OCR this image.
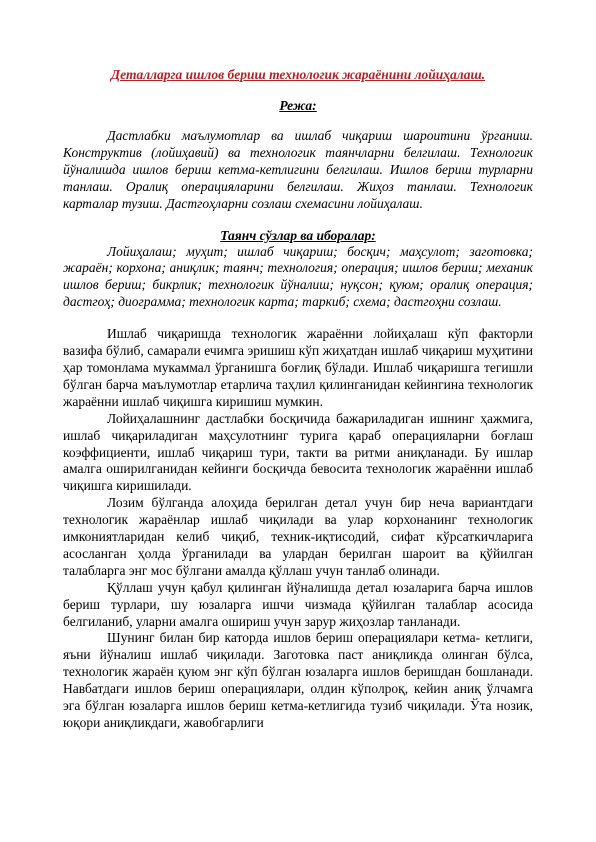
Деталларга ишлов бериш технологик жараёнини лойиҳалаш.

Режа:

Дастлабки маълумотлар ва ишлаб чиқариш шароитини ўрганиш. Конструктив (лойиҳавий) ва технологик таянчларни белгилаш. Технологик йўналишда ишлов бериш кетма-кетлигини белгилаш. Ишлов бериш турларни танлаш. Оралиқ операцияларини белгилаш. Жиҳоз танлаш. Технологик карталар тузиш. Дастгоҳларни созлаш схемасини лойиҳалаш.

Таянч сўзлар ва иборалар:

Лойиҳалаш; муҳит; ишлаб чиқариш; босқич; маҳсулот; заготовка; жараён; корхона; аниқлик; таянч; технология; операция; ишлов бериш; механик ишлов бериш; бикрлик; технологик йўналиш; нуқсон; қуюм; оралиқ операция; дастгоҳ; диограмма; технологик карта; таркиб; схема; дастгоҳни созлаш.

Ишлаб чиқаришда технологик жараённи лойиҳалаш кўп факторли вазифа бўлиб, самарали ечимга эришиш кўп жиҳатдан ишлаб чиқариш муҳитини ҳар томонлама мукаммал ўрганишга боғлиқ бўлади. Ишлаб чиқаришга тегишли бўлган барча маълумотлар етарлича таҳлил қилинганидан кейингина технологик жараённи ишлаб чиқишга киришиш мумкин.

Лойиҳалашнинг дастлабки босқичида бажариладиган ишнинг ҳажмига, ишлаб чиқариладиган маҳсулотнинг турига қараб операцияларни боғлаш коэффициенти, ишлаб чиқариш тури, такти ва ритми аниқланади. Бу ишлар амалга оширилганидан кейинги босқичда бевосита технологик жараённи ишлаб чиқишга киришилади.

Лозим бўлганда алоҳида берилган детал учун бир неча вариантдаги технологик жараёнлар ишлаб чиқилади ва улар корхонанинг технологик имкониятларидан келиб чиқиб, техник-иқтисодий, сифат кўрсаткичларига асосланган ҳолда ўрганилади ва улардан берилган шароит ва қўйилган талабларга энг мос бўлгани амалда қўллаш учун танлаб олинади.

Қўллаш учун қабул қилинган йўналишда детал юзаларига барча ишлов бериш турлари, шу юзаларга ишчи чизмада қўйилган талаблар асосида белгиланиб, уларни амалга ошириш учун зарур жиҳозлар танланади.

Шунинг билан бир каторда ишлов бериш операциялари кетма- кетлиги, яъни йўналиш ишлаб чиқилади. Заготовка паст аниқликда олинган бўлса, технологик жараён қуюм энг кўп бўлган юзаларга ишлов беришдан бошланади. Навбатдаги ишлов бериш операциялари, олдин кўполроқ, кейин аниқ ўлчамга эга бўлган юзаларга ишлов бериш кетма-кетлигида тузиб чиқилади. Ўта нозик, юқори аниқликдаги, жавобгарлиги
